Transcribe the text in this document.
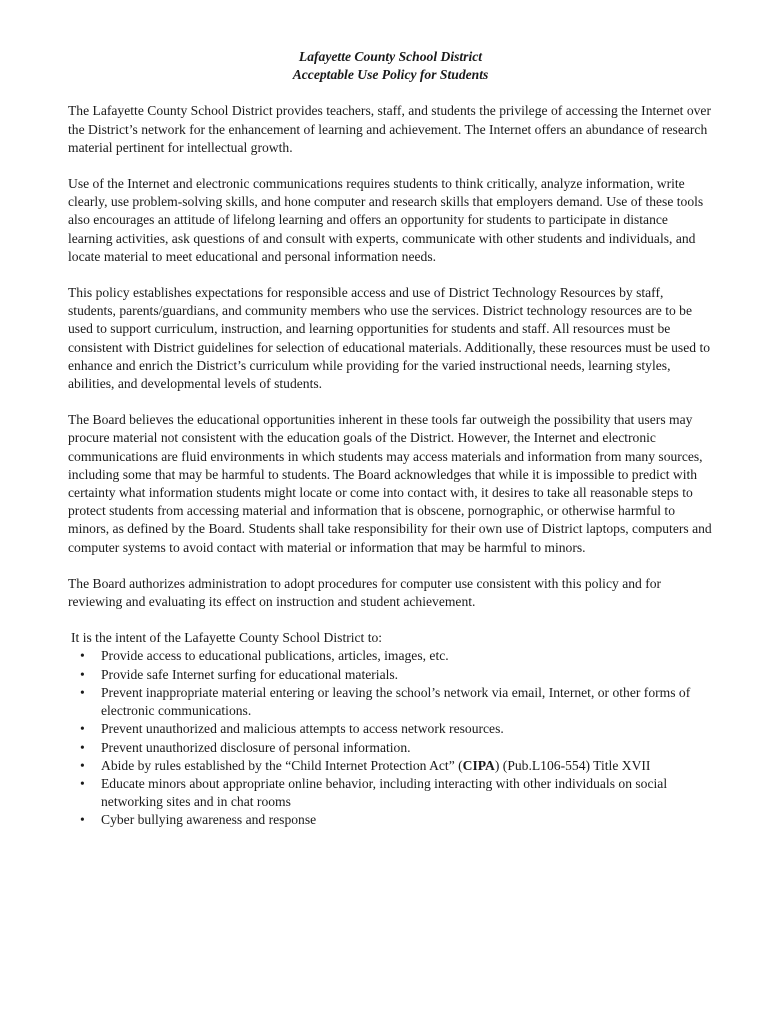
Lafayette County School District
Acceptable Use Policy for Students

The Lafayette County School District provides teachers, staff, and students the privilege of accessing the Internet over the District’s network for the enhancement of learning and achievement. The Internet offers an abundance of research material pertinent for intellectual growth.

Use of the Internet and electronic communications requires students to think critically, analyze information, write clearly, use problem-solving skills, and hone computer and research skills that employers demand. Use of these tools also encourages an attitude of lifelong learning and offers an opportunity for students to participate in distance learning activities, ask questions of and consult with experts, communicate with other students and individuals, and locate material to meet educational and personal information needs.

This policy establishes expectations for responsible access and use of District Technology Resources by staff, students, parents/guardians, and community members who use the services. District technology resources are to be used to support curriculum, instruction, and learning opportunities for students and staff. All resources must be consistent with District guidelines for selection of educational materials. Additionally, these resources must be used to enhance and enrich the District’s curriculum while providing for the varied instructional needs, learning styles, abilities, and developmental levels of students.

The Board believes the educational opportunities inherent in these tools far outweigh the possibility that users may procure material not consistent with the education goals of the District. However, the Internet and electronic communications are fluid environments in which students may access materials and information from many sources, including some that may be harmful to students. The Board acknowledges that while it is impossible to predict with certainty what information students might locate or come into contact with, it desires to take all reasonable steps to protect students from accessing material and information that is obscene, pornographic, or otherwise harmful to minors, as defined by the Board. Students shall take responsibility for their own use of District laptops, computers and computer systems to avoid contact with material or information that may be harmful to minors.

The Board authorizes administration to adopt procedures for computer use consistent with this policy and for reviewing and evaluating its effect on instruction and student achievement.

It is the intent of the Lafayette County School District to:

• Provide access to educational publications, articles, images, etc.
• Provide safe Internet surfing for educational materials.
• Prevent inappropriate material entering or leaving the school’s network via email, Internet, or other forms of electronic communications.
• Prevent unauthorized and malicious attempts to access network resources.
• Prevent unauthorized disclosure of personal information.
• Abide by rules established by the “Child Internet Protection Act” (CIPA) (Pub.L106-554) Title XVII
• Educate minors about appropriate online behavior, including interacting with other individuals on social networking sites and in chat rooms
• Cyber bullying awareness and response
